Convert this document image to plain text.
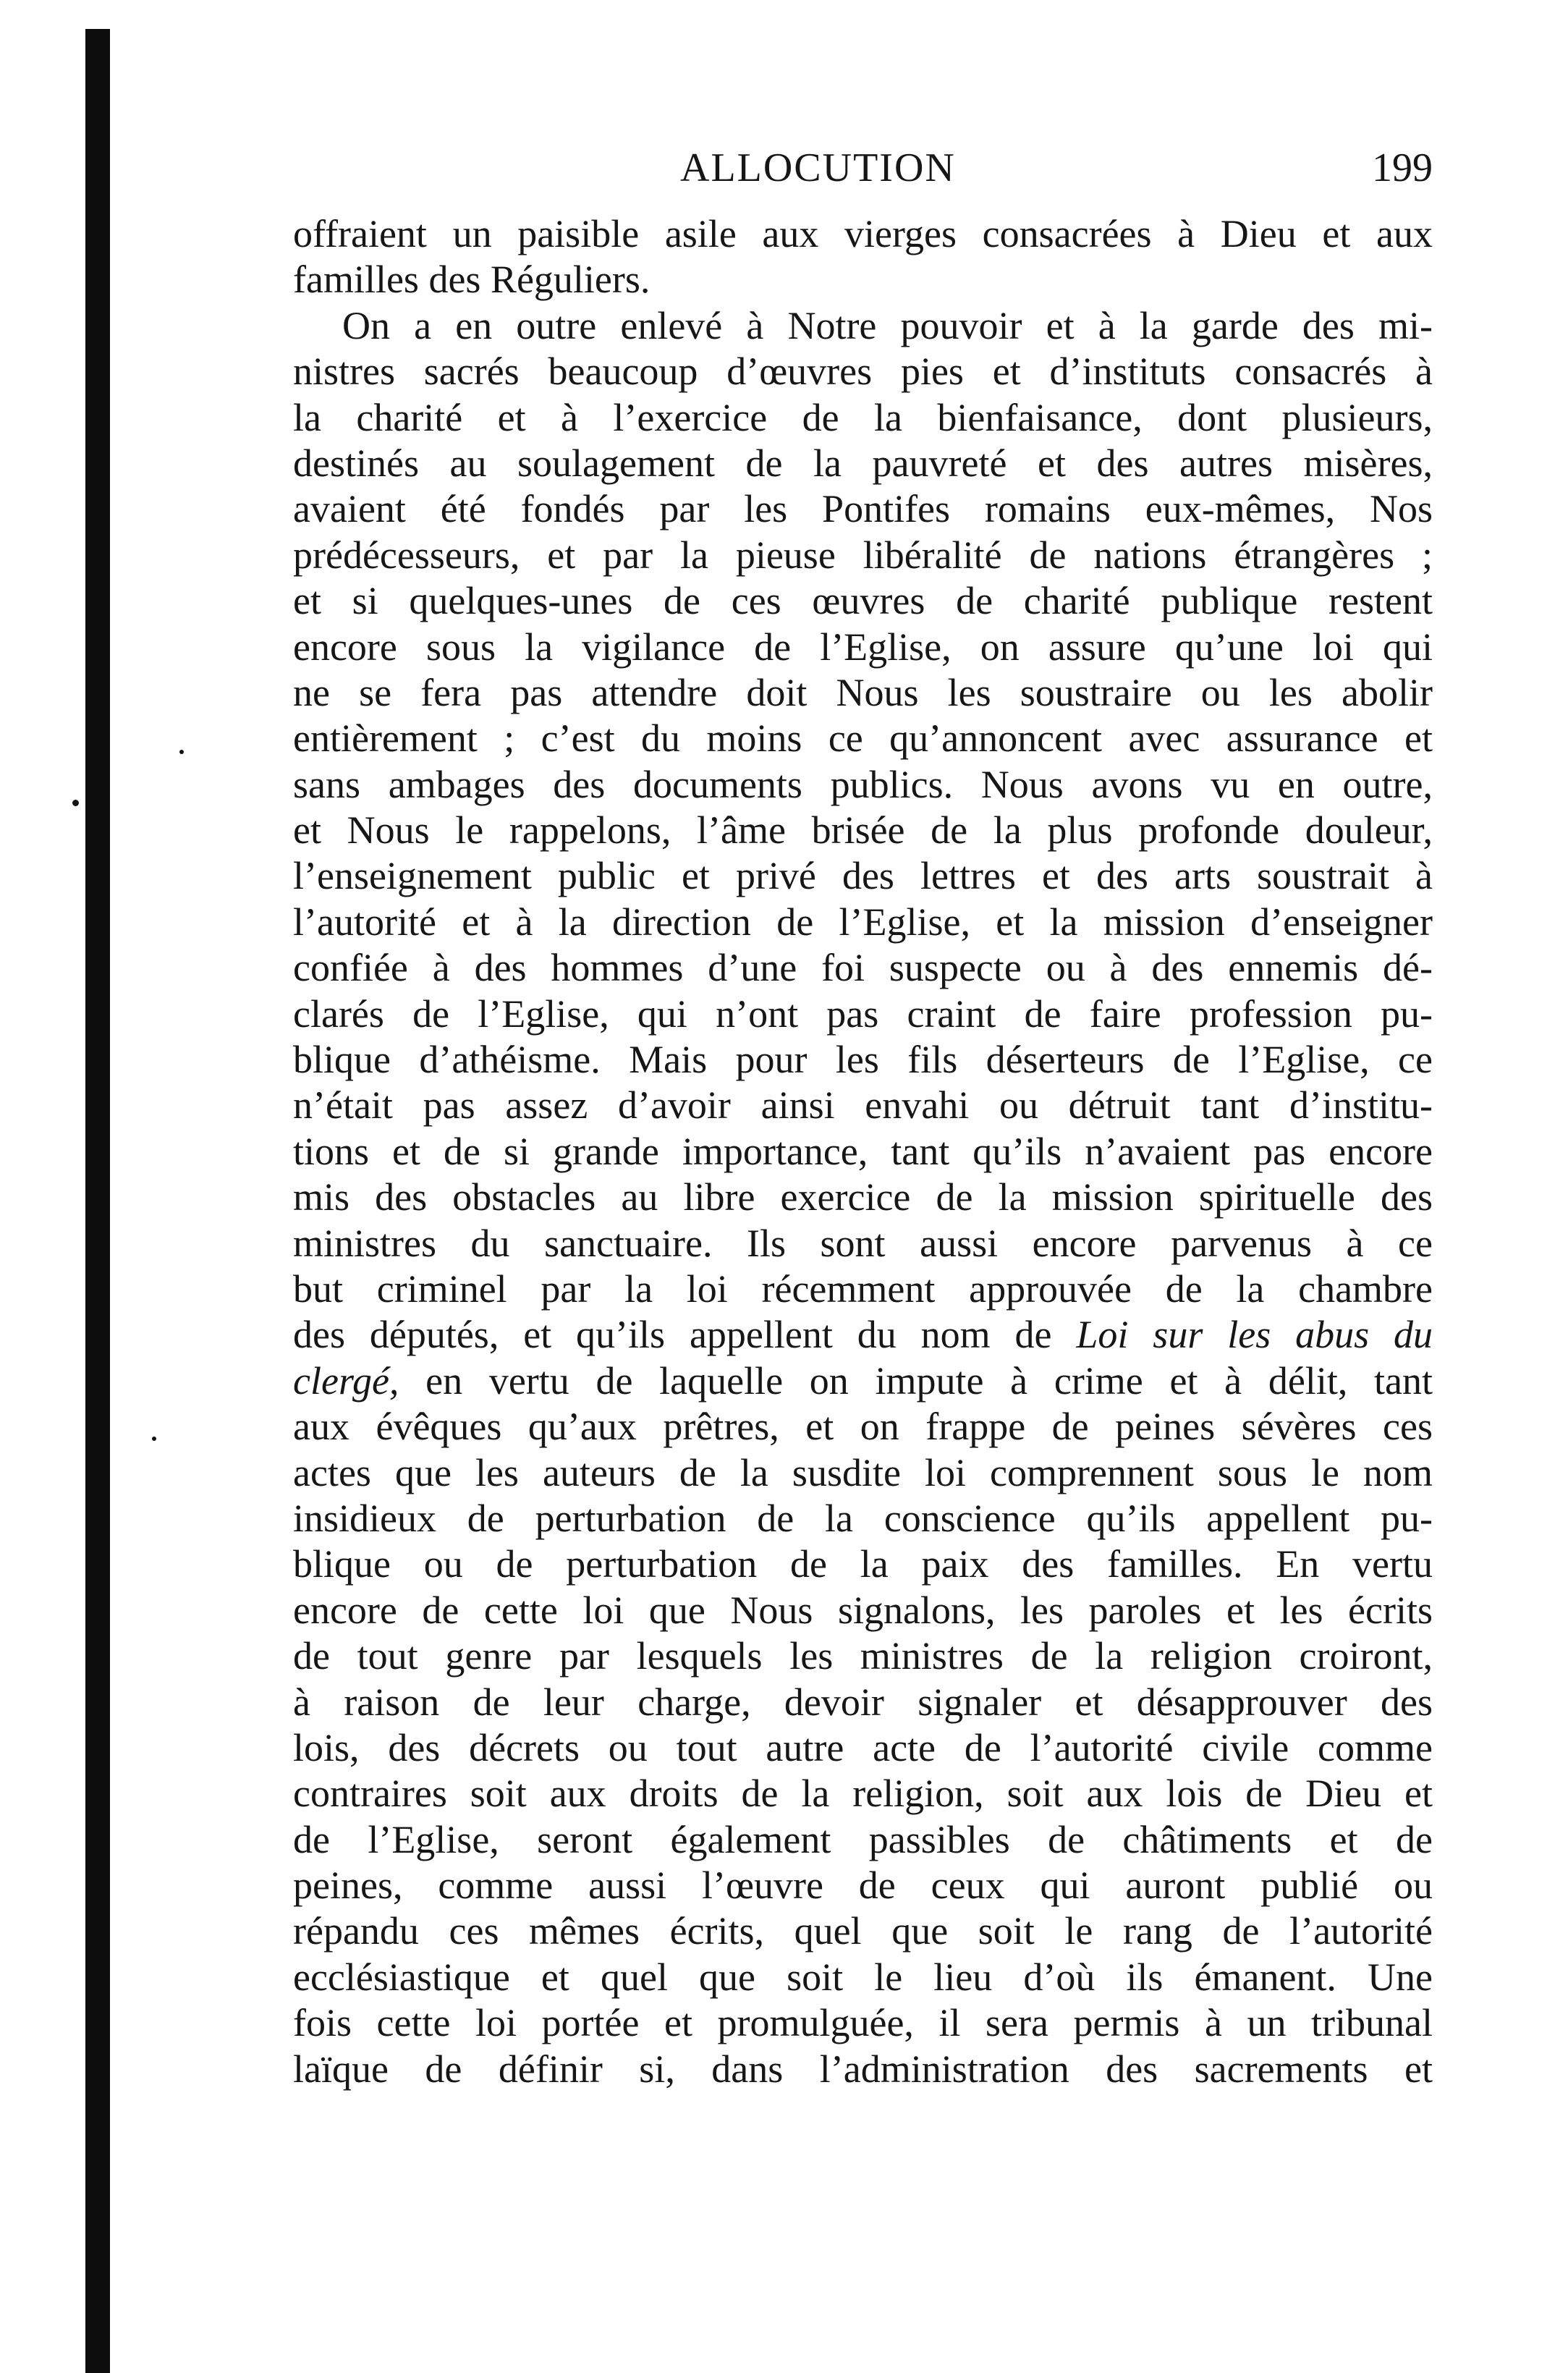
ALLOCUTION	199
offraient un paisible asile aux vierges consacrées à Dieu et aux
familles des Réguliers.
On a en outre enlevé à Notre pouvoir et à la garde des mi-
nistres sacrés beaucoup d’œuvres pies et d’instituts consacrés à
la charité et à l’exercice de la bienfaisance, dont plusieurs,
destinés au soulagement de la pauvreté et des autres misères,
avaient été fondés par les Pontifes romains eux-mêmes, Nos
prédécesseurs, et par la pieuse libéralité de nations étrangères ;
et si quelques-unes de ces œuvres de charité publique restent
encore sous la vigilance de l’Eglise, on assure qu’une loi qui
ne se fera pas attendre doit Nous les soustraire ou les abolir
entièrement ; c’est du moins ce qu’annoncent avec assurance et
sans ambages des documents publics. Nous avons vu en outre,
et Nous le rappelons, l’âme brisée de la plus profonde douleur,
l’enseignement public et privé des lettres et des arts soustrait à
l’autorité et à la direction de l’Eglise, et la mission d’enseigner
confiée à des hommes d’une foi suspecte ou à des ennemis dé-
clarés de l’Eglise, qui n’ont pas craint de faire profession pu-
blique d’athéisme. Mais pour les fils déserteurs de l’Eglise, ce
n’était pas assez d’avoir ainsi envahi ou détruit tant d’institu-
tions et de si grande importance, tant qu’ils n’avaient pas encore
mis des obstacles au libre exercice de la mission spirituelle des
ministres du sanctuaire. Ils sont aussi encore parvenus à ce
but criminel par la loi récemment approuvée de la chambre
des députés, et qu’ils appellent du nom de Loi sur les abus du
clergé, en vertu de laquelle on impute à crime et à délit, tant
aux évêques qu’aux prêtres, et on frappe de peines sévères ces
actes que les auteurs de la susdite loi comprennent sous le nom
insidieux de perturbation de la conscience qu’ils appellent pu-
blique ou de perturbation de la paix des familles. En vertu
encore de cette loi que Nous signalons, les paroles et les écrits
de tout genre par lesquels les ministres de la religion croiront,
à raison de leur charge, devoir signaler et désapprouver des
lois, des décrets ou tout autre acte de l’autorité civile comme
contraires soit aux droits de la religion, soit aux lois de Dieu et
de l’Eglise, seront également passibles de châtiments et de
peines, comme aussi l’œuvre de ceux qui auront publié ou
répandu ces mêmes écrits, quel que soit le rang de l’autorité
ecclésiastique et quel que soit le lieu d’où ils émanent. Une
fois cette loi portée et promulguée, il sera permis à un tribunal
laïque de définir si, dans l’administration des sacrements et
